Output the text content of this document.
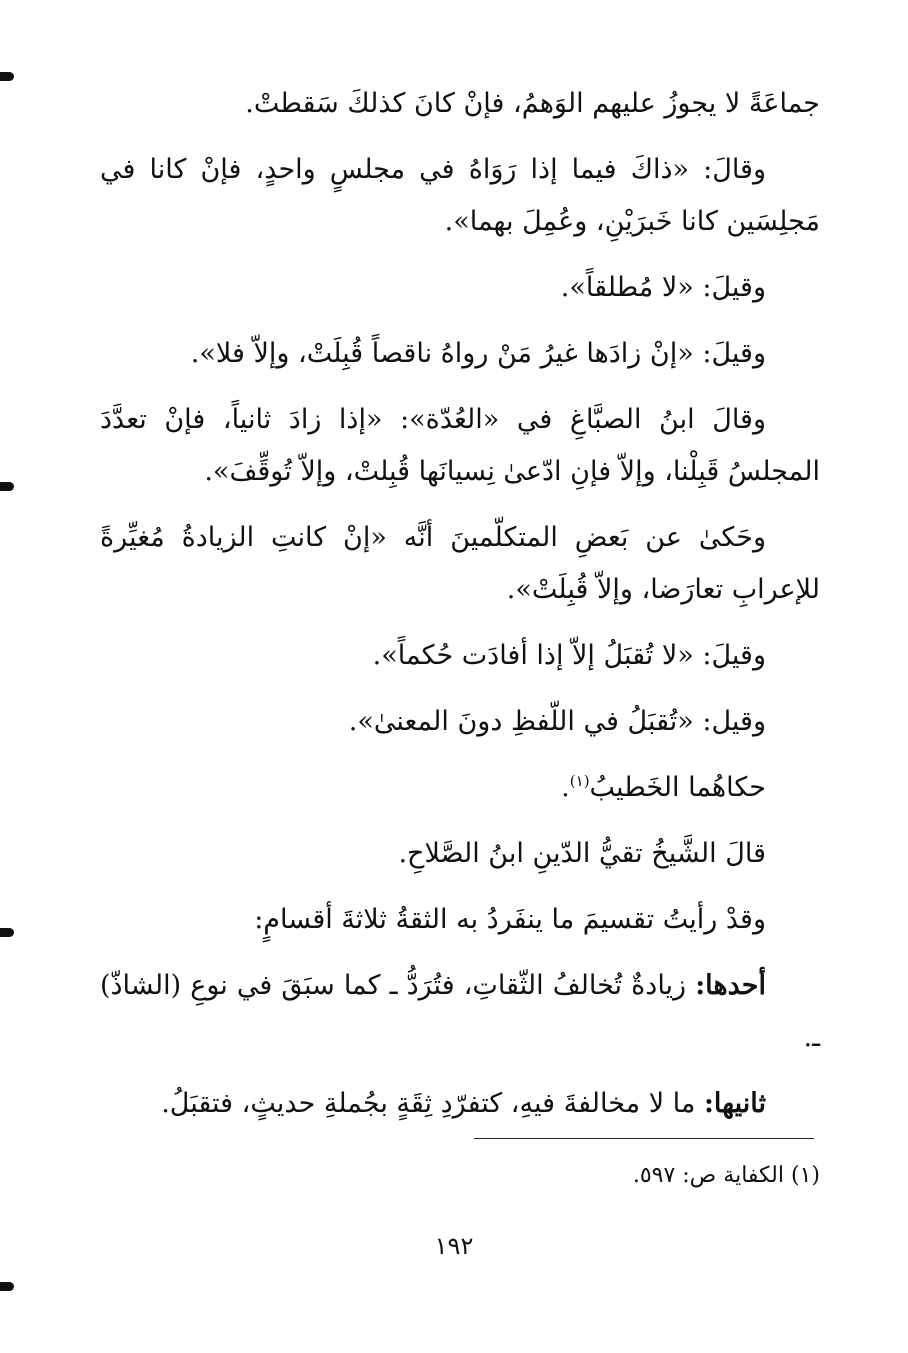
جماعَةً لا يجوزُ عليهم الوَهمُ، فإنْ كانَ كذلكَ سَقطتْ.

وقالَ: «ذاكَ فيما إذا رَوَاهُ في مجلسٍ واحدٍ، فإنْ كانا في مَجلِسَين كانا خَبرَيْنِ، وعُمِلَ بهما».

وقيلَ: «لا مُطلقاً».

وقيلَ: «إنْ زادَها غيرُ مَنْ رواهُ ناقصاً قُبِلَتْ، وإلاّ فلا».

وقالَ ابنُ الصبَّاغِ في «العُدّة»: «إذا زادَ ثانياً، فإنْ تعدَّدَ المجلسُ قَبِلْنا، وإلاّ فإنِ ادّعىٰ نِسيانَها قُبِلتْ، وإلاّ تُوقِّفَ».

وحَكىٰ عن بَعضِ المتكلّمينَ أنَّه «إنْ كانتِ الزيادةُ مُغيِّرةً للإعرابِ تعارَضا، وإلاّ قُبِلَتْ».

وقيلَ: «لا تُقبَلُ إلاّ إذا أفادَت حُكماً».

وقيل: «تُقبَلُ في اللّفظِ دونَ المعنىٰ».

حكاهُما الخَطيبُ$^{(١)}$.

قالَ الشَّيخُ تقيُّ الدّينِ ابنُ الصَّلاحِ.

وقدْ رأيتُ تقسيمَ ما ينفَردُ به الثقةُ ثلاثةَ أقسامٍ:

أحدها: زيادةٌ تُخالفُ الثّقاتِ، فتُرَدُّ ـ كما سبَقَ في نوعِ (الشاذّ) ـ.

ثانيها: ما لا مخالفةَ فيهِ، كتفرّدِ ثِقَةٍ بجُملةِ حديثٍ، فتقبَلُ.

(١) الكفاية ص: ٥٩٧.
١٩٢
